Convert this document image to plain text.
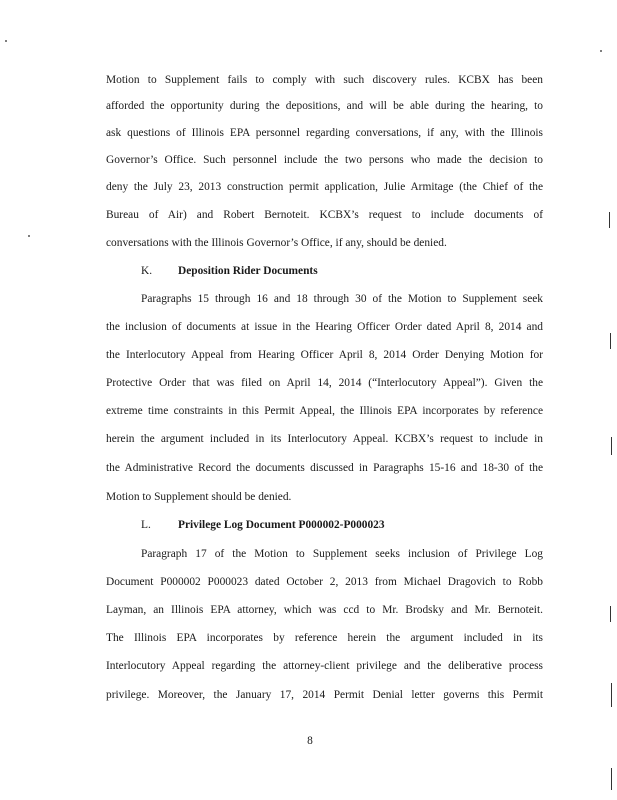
Motion to Supplement fails to comply with such discovery rules. KCBX has been
afforded the opportunity during the depositions, and will be able during the hearing, to
ask questions of Illinois EPA personnel regarding conversations, if any, with the Illinois
Governor’s Office. Such personnel include the two persons who made the decision to
deny the July 23, 2013 construction permit application, Julie Armitage (the Chief of the
Bureau of Air) and Robert Bernoteit. KCBX’s request to include documents of
conversations with the Illinois Governor’s Office, if any, should be denied.
K. Deposition Rider Documents
Paragraphs 15 through 16 and 18 through 30 of the Motion to Supplement seek
the inclusion of documents at issue in the Hearing Officer Order dated April 8, 2014 and
the Interlocutory Appeal from Hearing Officer April 8, 2014 Order Denying Motion for
Protective Order that was filed on April 14, 2014 (“Interlocutory Appeal”). Given the
extreme time constraints in this Permit Appeal, the Illinois EPA incorporates by reference
herein the argument included in its Interlocutory Appeal. KCBX’s request to include in
the Administrative Record the documents discussed in Paragraphs 15-16 and 18-30 of the
Motion to Supplement should be denied.
L. Privilege Log Document P000002-P000023
Paragraph 17 of the Motion to Supplement seeks inclusion of Privilege Log
Document P000002 P000023 dated October 2, 2013 from Michael Dragovich to Robb
Layman, an Illinois EPA attorney, which was ccd to Mr. Brodsky and Mr. Bernoteit.
The Illinois EPA incorporates by reference herein the argument included in its
Interlocutory Appeal regarding the attorney-client privilege and the deliberative process
privilege. Moreover, the January 17, 2014 Permit Denial letter governs this Permit
8
